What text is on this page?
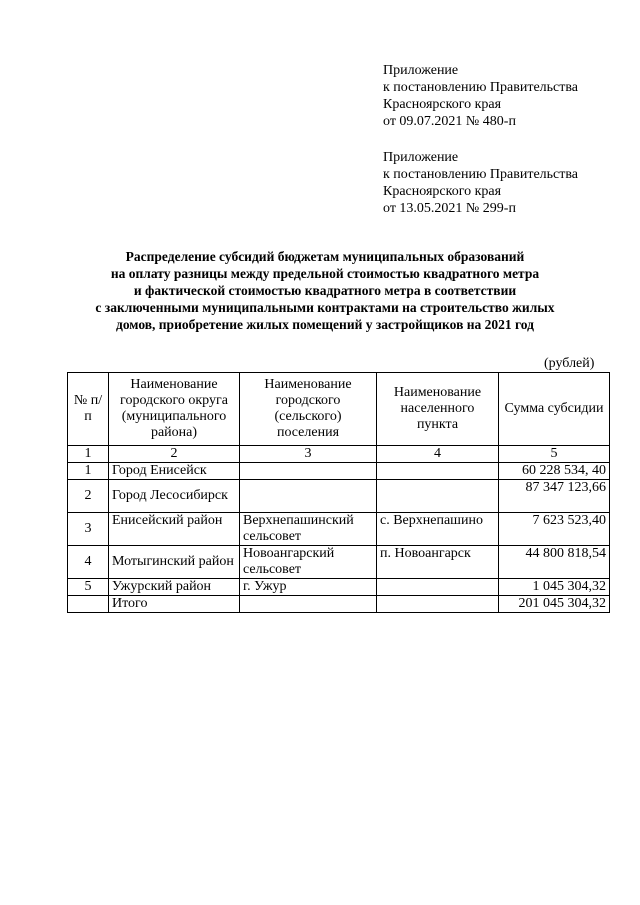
Приложение
к постановлению Правительства
Красноярского края
от 09.07.2021 № 480-п
Приложение
к постановлению Правительства
Красноярского края
от 13.05.2021 № 299-п
Распределение субсидий бюджетам муниципальных образований
на оплату разницы между предельной стоимостью квадратного метра
и фактической стоимостью квадратного метра в соответствии
с заключенными муниципальными контрактами на строительство жилых
домов, приобретение жилых помещений у застройщиков на 2021 год
(рублей)
№ п/п	Наименование городского округа (муниципального района)	Наименование городского (сельского) поселения	Наименование населенного пункта	Сумма субсидии
1	2	3	4	5
1	Город Енисейск			60 228 534, 40
2	Город Лесосибирск			87 347 123,66
3	Енисейский район	Верхнепашинский сельсовет	с. Верхнепашино	7 623 523,40
4	Мотыгинский район	Новоангарский сельсовет	п. Новоангарск	44 800 818,54
5	Ужурский район	г. Ужур		1 045 304,32
	Итого			201 045 304,32
